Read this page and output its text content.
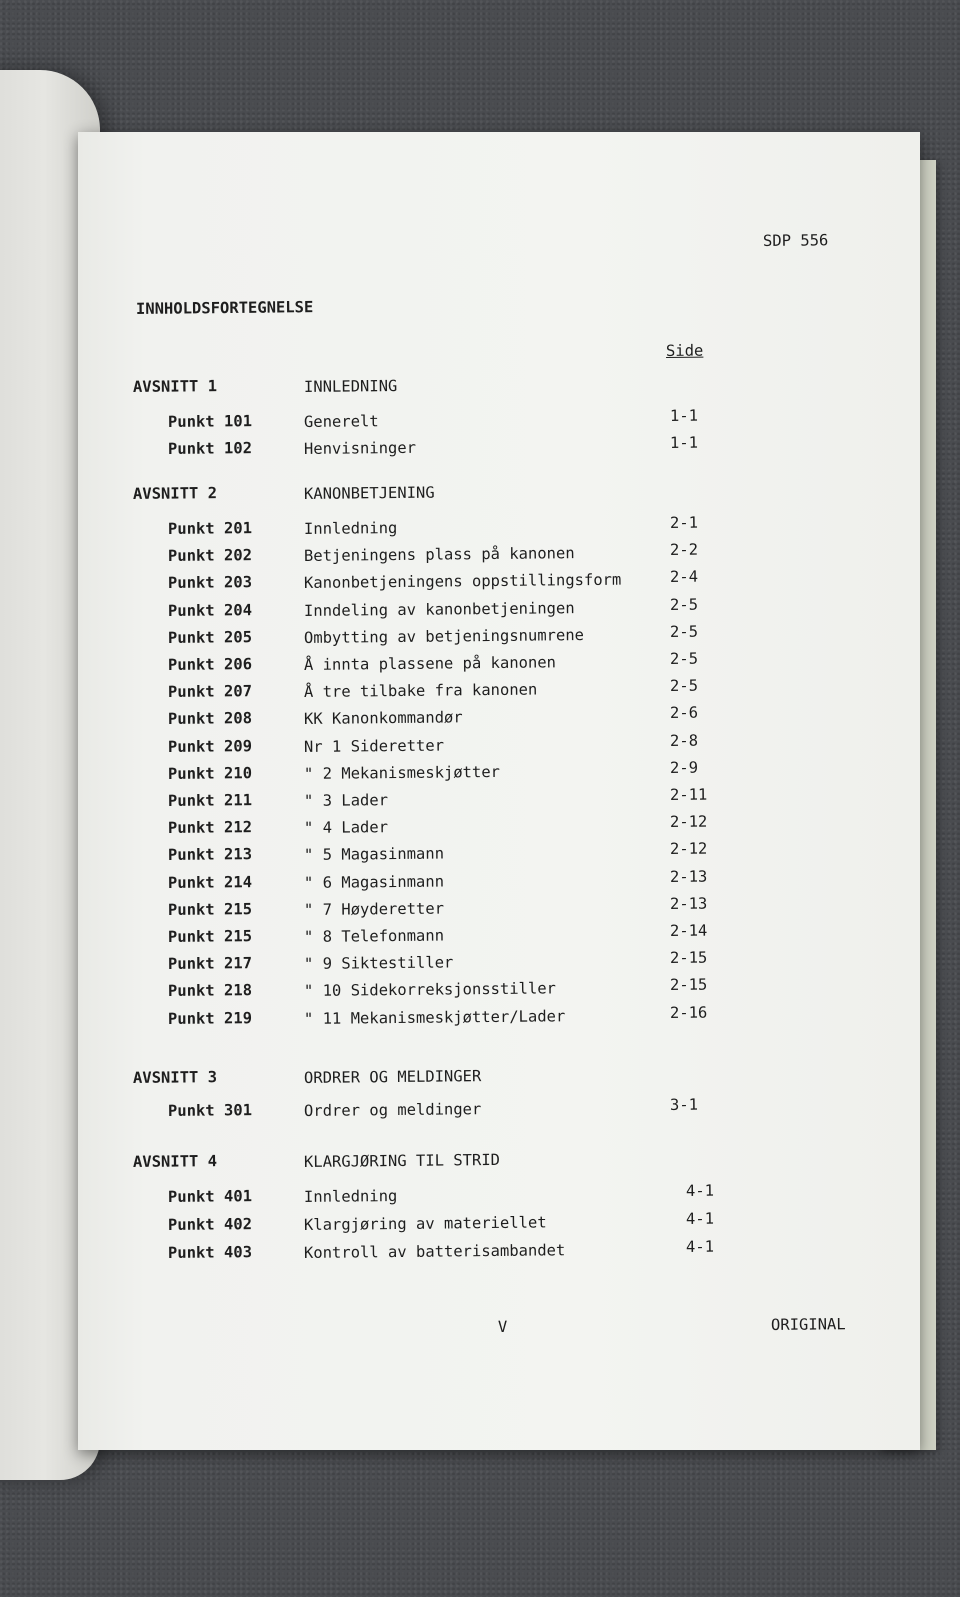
SDP 556
INNHOLDSFORTEGNELSE
Side
AVSNITT 1	INNLEDNING
Punkt 101	Generelt	1-1
Punkt 102	Henvisninger	1-1
AVSNITT 2	KANONBETJENING
Punkt 201	Innledning	2-1
Punkt 202	Betjeningens plass på kanonen	2-2
Punkt 203	Kanonbetjeningens oppstillingsform	2-4
Punkt 204	Inndeling av kanonbetjeningen	2-5
Punkt 205	Ombytting av betjeningsnumrene	2-5
Punkt 206	Å innta plassene på kanonen	2-5
Punkt 207	Å tre tilbake fra kanonen	2-5
Punkt 208	KK Kanonkommandør	2-6
Punkt 209	Nr 1 Sideretter	2-8
Punkt 210	" 2 Mekanismeskjøtter	2-9
Punkt 211	" 3 Lader	2-11
Punkt 212	" 4 Lader	2-12
Punkt 213	" 5 Magasinmann	2-12
Punkt 214	" 6 Magasinmann	2-13
Punkt 215	" 7 Høyderetter	2-13
Punkt 215	" 8 Telefonmann	2-14
Punkt 217	" 9 Siktestiller	2-15
Punkt 218	" 10 Sidekorreksjonsstiller	2-15
Punkt 219	" 11 Mekanismeskjøtter/Lader	2-16
AVSNITT 3	ORDRER OG MELDINGER
Punkt 301	Ordrer og meldinger	3-1
AVSNITT 4	KLARGJØRING TIL STRID
Punkt 401	Innledning	4-1
Punkt 402	Klargjøring av materiellet	4-1
Punkt 403	Kontroll av batterisambandet	4-1
V	ORIGINAL
